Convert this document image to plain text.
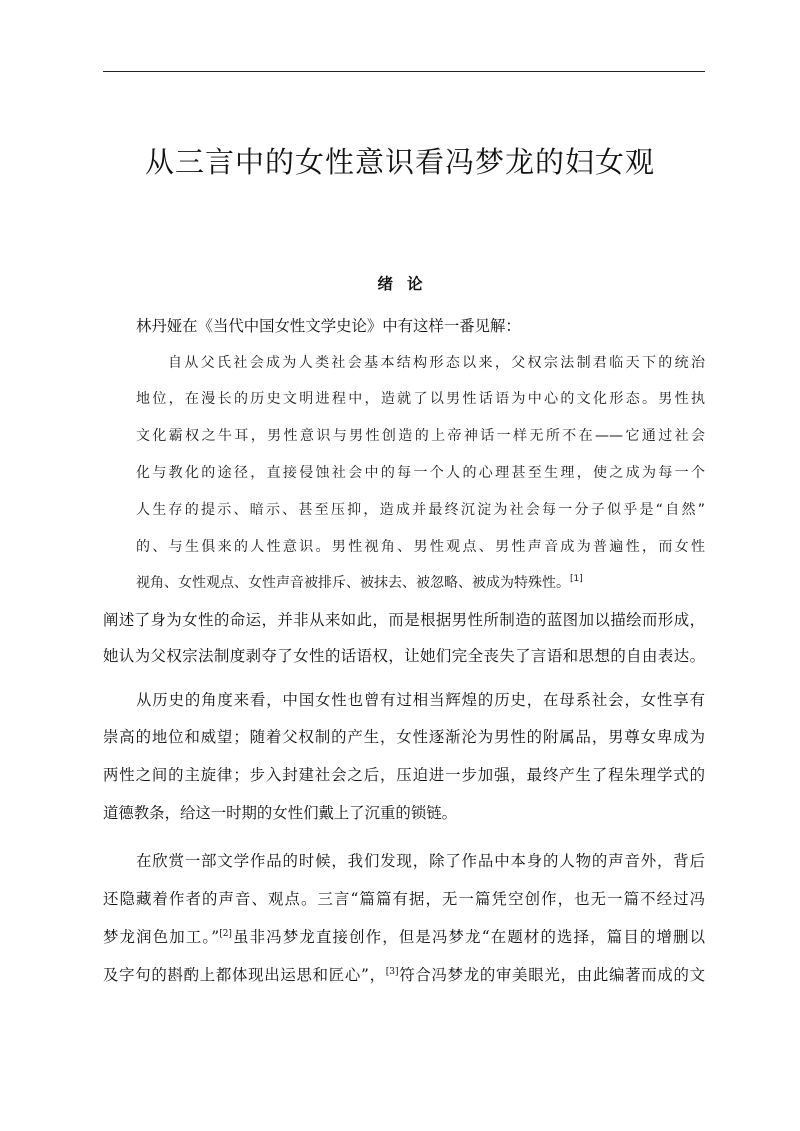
从三言中的女性意识看冯梦龙的妇女观
绪论
林丹娅在《当代中国女性文学史论》中有这样一番见解：
自从父氏社会成为人类社会基本结构形态以来，父权宗法制君临天下的统治
地位，在漫长的历史文明进程中，造就了以男性话语为中心的文化形态。男性执
文化霸权之牛耳，男性意识与男性创造的上帝神话一样无所不在——它通过社会
化与教化的途径，直接侵蚀社会中的每一个人的心理甚至生理，使之成为每一个
人生存的提示、暗示、甚至压抑，造成并最终沉淀为社会每一分子似乎是“自然”
的、与生俱来的人性意识。男性视角、男性观点、男性声音成为普遍性，而女性
视角、女性观点、女性声音被排斥、被抹去、被忽略、被成为特殊性。[1]
阐述了身为女性的命运，并非从来如此，而是根据男性所制造的蓝图加以描绘而形成，
她认为父权宗法制度剥夺了女性的话语权，让她们完全丧失了言语和思想的自由表达。
从历史的角度来看，中国女性也曾有过相当辉煌的历史，在母系社会，女性享有
崇高的地位和威望；随着父权制的产生，女性逐渐沦为男性的附属品，男尊女卑成为
两性之间的主旋律；步入封建社会之后，压迫进一步加强，最终产生了程朱理学式的
道德教条，给这一时期的女性们戴上了沉重的锁链。
在欣赏一部文学作品的时候，我们发现，除了作品中本身的人物的声音外，背后
还隐藏着作者的声音、观点。三言“篇篇有据，无一篇凭空创作，也无一篇不经过冯
梦龙润色加工。”[2]虽非冯梦龙直接创作，但是冯梦龙“在题材的选择，篇目的增删以
及字句的斟酌上都体现出运思和匠心”，[3]符合冯梦龙的审美眼光，由此编著而成的文
